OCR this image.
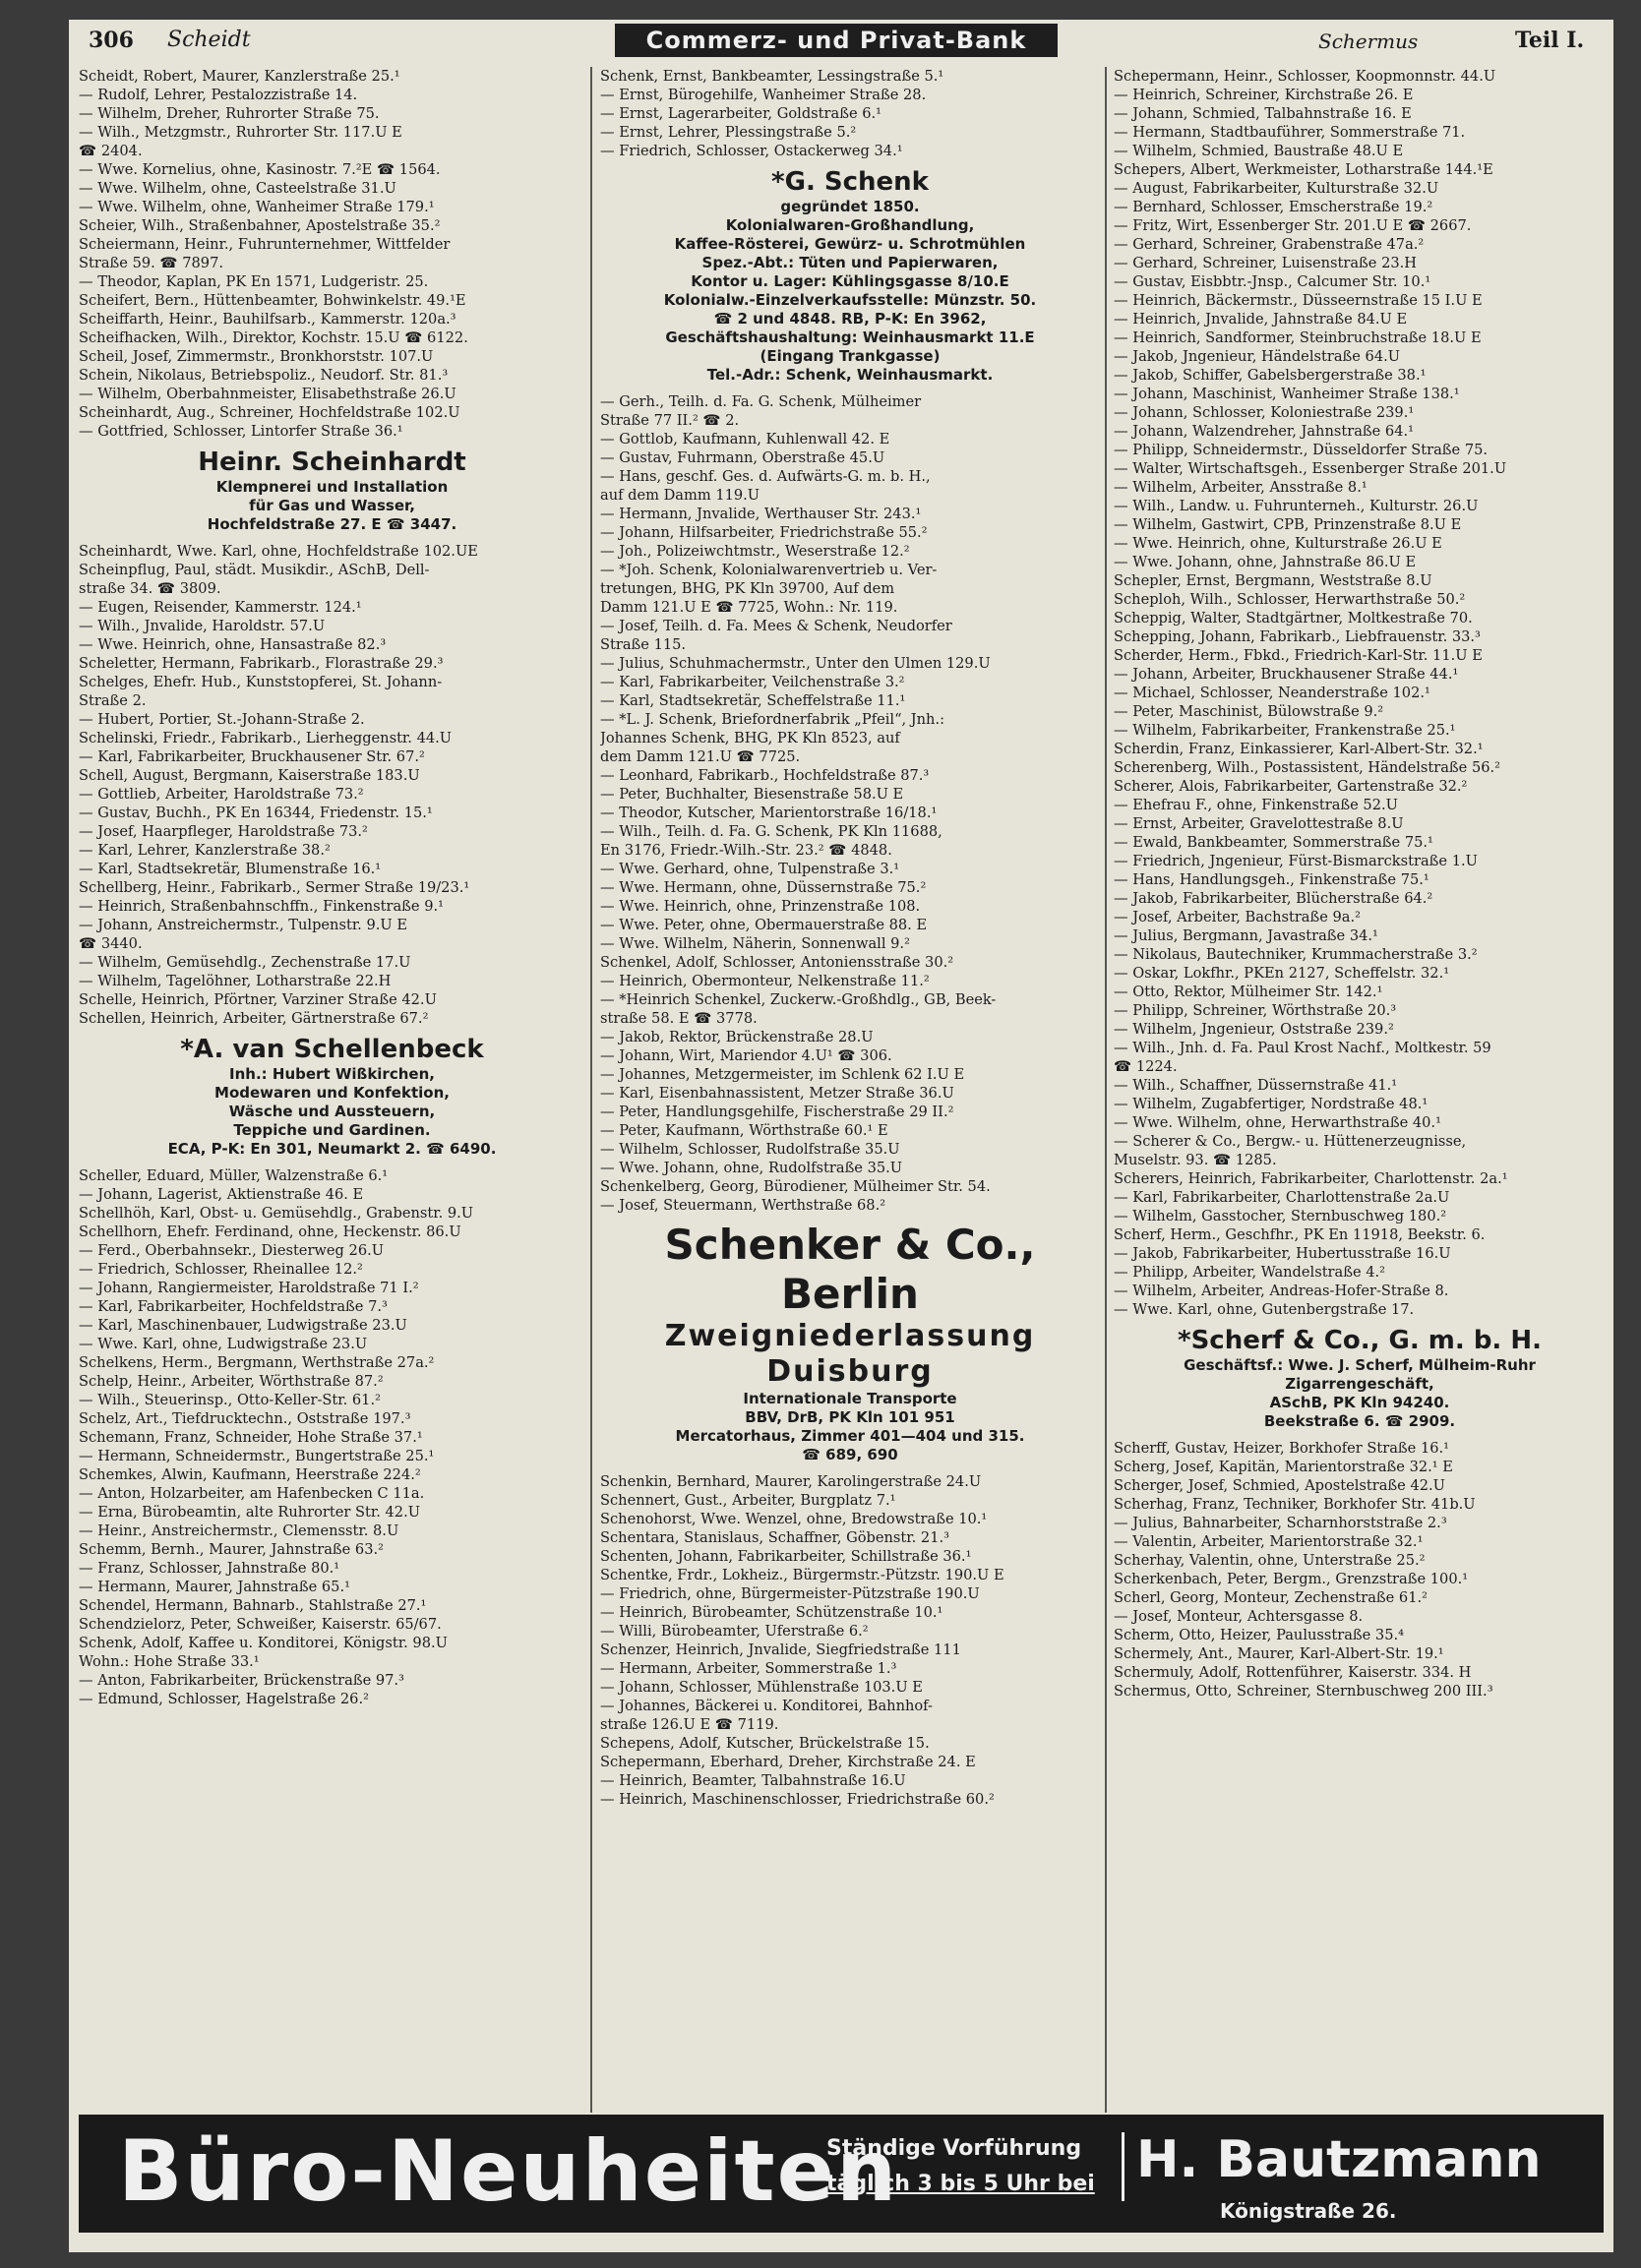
306 Scheidt	Commerz- und Privat-Bank	Schermus	Teil I.
Scheidt, Robert, Maurer, Kanzlerstraße 25.¹
— Rudolf, Lehrer, Pestalozzistraße 14.
— Wilhelm, Dreher, Ruhrorter Straße 75.
— Wilh., Metzgmstr., Ruhrorter Str. 117.U E
☎ 2404.
— Wwe. Kornelius, ohne, Kasinostr. 7.²E ☎ 1564.
— Wwe. Wilhelm, ohne, Casteelstraße 31.U
— Wwe. Wilhelm, ohne, Wanheimer Straße 179.¹
Scheier, Wilh., Straßenbahner, Apostelstraße 35.²
Scheiermann, Heinr., Fuhrunternehmer, Wittfelder
Straße 59. ☎ 7897.
— Theodor, Kaplan, PK En 1571, Ludgeristr. 25.
Scheifert, Bern., Hüttenbeamter, Bohwinkelstr. 49.¹E
Scheiffarth, Heinr., Bauhilfsarb., Kammerstr. 120a.³
Scheifhacken, Wilh., Direktor, Kochstr. 15.U ☎ 6122.
Scheil, Josef, Zimmermstr., Bronkhorststr. 107.U
Schein, Nikolaus, Betriebspoliz., Neudorf. Str. 81.³
— Wilhelm, Oberbahnmeister, Elisabethstraße 26.U
Scheinhardt, Aug., Schreiner, Hochfeldstraße 102.U
— Gottfried, Schlosser, Lintorfer Straße 36.¹
Heinr. Scheinhardt
Klempnerei und Installation
für Gas und Wasser,
Hochfeldstraße 27. E ☎ 3447.
Scheinhardt, Wwe. Karl, ohne, Hochfeldstraße 102.UE
Scheinpflug, Paul, städt. Musikdir., ASchB, Dell-
straße 34. ☎ 3809.
— Eugen, Reisender, Kammerstr. 124.¹
— Wilh., Jnvalide, Haroldstr. 57.U
— Wwe. Heinrich, ohne, Hansastraße 82.³
Scheletter, Hermann, Fabrikarb., Florastraße 29.³
Schelges, Ehefr. Hub., Kunststopferei, St. Johann-
Straße 2.
— Hubert, Portier, St.-Johann-Straße 2.
Schelinski, Friedr., Fabrikarb., Lierheggenstr. 44.U
— Karl, Fabrikarbeiter, Bruckhausener Str. 67.²
Schell, August, Bergmann, Kaiserstraße 183.U
— Gottlieb, Arbeiter, Haroldstraße 73.²
— Gustav, Buchh., PK En 16344, Friedenstr. 15.¹
— Josef, Haarpfleger, Haroldstraße 73.²
— Karl, Lehrer, Kanzlerstraße 38.²
— Karl, Stadtsekretär, Blumenstraße 16.¹
Schellberg, Heinr., Fabrikarb., Sermer Straße 19/23.¹
— Heinrich, Straßenbahnschffn., Finkenstraße 9.¹
— Johann, Anstreichermstr., Tulpenstr. 9.U E
☎ 3440.
— Wilhelm, Gemüsehdlg., Zechenstraße 17.U
— Wilhelm, Tagelöhner, Lotharstraße 22.H
Schelle, Heinrich, Pförtner, Varziner Straße 42.U
Schellen, Heinrich, Arbeiter, Gärtnerstraße 67.²
*A. van Schellenbeck
Inh.: Hubert Wißkirchen,
Modewaren und Konfektion,
Wäsche und Aussteuern,
Teppiche und Gardinen.
ECA, P-K: En 301, Neumarkt 2. ☎ 6490.
Scheller, Eduard, Müller, Walzenstraße 6.¹
— Johann, Lagerist, Aktienstraße 46. E
Schellhöh, Karl, Obst- u. Gemüsehdlg., Grabenstr. 9.U
Schellhorn, Ehefr. Ferdinand, ohne, Heckenstr. 86.U
— Ferd., Oberbahnsekr., Diesterweg 26.U
— Friedrich, Schlosser, Rheinallee 12.²
— Johann, Rangiermeister, Haroldstraße 71 I.²
— Karl, Fabrikarbeiter, Hochfeldstraße 7.³
— Karl, Maschinenbauer, Ludwigstraße 23.U
— Wwe. Karl, ohne, Ludwigstraße 23.U
Schelkens, Herm., Bergmann, Werthstraße 27a.²
Schelp, Heinr., Arbeiter, Wörthstraße 87.²
— Wilh., Steuerinsp., Otto-Keller-Str. 61.²
Schelz, Art., Tiefdrucktechn., Oststraße 197.³
Schemann, Franz, Schneider, Hohe Straße 37.¹
— Hermann, Schneidermstr., Bungertstraße 25.¹
Schemkes, Alwin, Kaufmann, Heerstraße 224.²
— Anton, Holzarbeiter, am Hafenbecken C 11a.
— Erna, Bürobeamtin, alte Ruhrorter Str. 42.U
— Heinr., Anstreichermstr., Clemensstr. 8.U
Schemm, Bernh., Maurer, Jahnstraße 63.²
— Franz, Schlosser, Jahnstraße 80.¹
— Hermann, Maurer, Jahnstraße 65.¹
Schendel, Hermann, Bahnarb., Stahlstraße 27.¹
Schendzielorz, Peter, Schweißer, Kaiserstr. 65/67.
Schenk, Adolf, Kaffee u. Konditorei, Königstr. 98.U
Wohn.: Hohe Straße 33.¹
— Anton, Fabrikarbeiter, Brückenstraße 97.³
— Edmund, Schlosser, Hagelstraße 26.²
Schenk, Ernst, Bankbeamter, Lessingstraße 5.¹
— Ernst, Bürogehilfe, Wanheimer Straße 28.
— Ernst, Lagerarbeiter, Goldstraße 6.¹
— Ernst, Lehrer, Plessingstraße 5.²
— Friedrich, Schlosser, Ostackerweg 34.¹
*G. Schenk
gegründet 1850.
Kolonialwaren-Großhandlung,
Kaffee-Rösterei, Gewürz- u. Schrotmühlen
Spez.-Abt.: Tüten und Papierwaren,
Kontor u. Lager: Kühlingsgasse 8/10.E
Kolonialw.-Einzelverkaufsstelle: Münzstr. 50.
☎ 2 und 4848. RB, P-K: En 3962,
Geschäftshaushaltung: Weinhausmarkt 11.E
(Eingang Trankgasse)
Tel.-Adr.: Schenk, Weinhausmarkt.
— Gerh., Teilh. d. Fa. G. Schenk, Mülheimer
Straße 77 II.² ☎ 2.
— Gottlob, Kaufmann, Kuhlenwall 42. E
— Gustav, Fuhrmann, Oberstraße 45.U
— Hans, geschf. Ges. d. Aufwärts-G. m. b. H.,
auf dem Damm 119.U
— Hermann, Jnvalide, Werthauser Str. 243.¹
— Johann, Hilfsarbeiter, Friedrichstraße 55.²
— Joh., Polizeiwchtmstr., Weserstraße 12.²
— *Joh. Schenk, Kolonialwarenvertrieb u. Ver-
tretungen, BHG, PK Kln 39700, Auf dem
Damm 121.U E ☎ 7725, Wohn.: Nr. 119.
— Josef, Teilh. d. Fa. Mees & Schenk, Neudorfer
Straße 115.
— Julius, Schuhmachermstr., Unter den Ulmen 129.U
— Karl, Fabrikarbeiter, Veilchenstraße 3.²
— Karl, Stadtsekretär, Scheffelstraße 11.¹
— *L. J. Schenk, Briefordnerfabrik „Pfeil“, Jnh.:
Johannes Schenk, BHG, PK Kln 8523, auf
dem Damm 121.U ☎ 7725.
— Leonhard, Fabrikarb., Hochfeldstraße 87.³
— Peter, Buchhalter, Biesenstraße 58.U E
— Theodor, Kutscher, Marientorstraße 16/18.¹
— Wilh., Teilh. d. Fa. G. Schenk, PK Kln 11688,
En 3176, Friedr.-Wilh.-Str. 23.² ☎ 4848.
— Wwe. Gerhard, ohne, Tulpenstraße 3.¹
— Wwe. Hermann, ohne, Düssernstraße 75.²
— Wwe. Heinrich, ohne, Prinzenstraße 108.
— Wwe. Peter, ohne, Obermauerstraße 88. E
— Wwe. Wilhelm, Näherin, Sonnenwall 9.²
Schenkel, Adolf, Schlosser, Antoniensstraße 30.²
— Heinrich, Obermonteur, Nelkenstraße 11.²
— *Heinrich Schenkel, Zuckerw.-Großhdlg., GB, Beek-
straße 58. E ☎ 3778.
— Jakob, Rektor, Brückenstraße 28.U
— Johann, Wirt, Mariendor 4.U¹ ☎ 306.
— Johannes, Metzgermeister, im Schlenk 62 I.U E
— Karl, Eisenbahnassistent, Metzer Straße 36.U
— Peter, Handlungsgehilfe, Fischerstraße 29 II.²
— Peter, Kaufmann, Wörthstraße 60.¹ E
— Wilhelm, Schlosser, Rudolfstraße 35.U
— Wwe. Johann, ohne, Rudolfstraße 35.U
Schenkelberg, Georg, Bürodiener, Mülheimer Str. 54.
— Josef, Steuermann, Werthstraße 68.²
Schenker & Co., Berlin
Zweigniederlassung Duisburg
Internationale Transporte
BBV, DrB, PK Kln 101 951
Mercatorhaus, Zimmer 401—404 und 315.
☎ 689, 690
Schenkin, Bernhard, Maurer, Karolingerstraße 24.U
Schennert, Gust., Arbeiter, Burgplatz 7.¹
Schenohorst, Wwe. Wenzel, ohne, Bredowstraße 10.¹
Schentara, Stanislaus, Schaffner, Göbenstr. 21.³
Schenten, Johann, Fabrikarbeiter, Schillstraße 36.¹
Schentke, Frdr., Lokheiz., Bürgermstr.-Pützstr. 190.U E
— Friedrich, ohne, Bürgermeister-Pützstraße 190.U
— Heinrich, Bürobeamter, Schützenstraße 10.¹
— Willi, Bürobeamter, Uferstraße 6.²
Schenzer, Heinrich, Jnvalide, Siegfriedstraße 111
— Hermann, Arbeiter, Sommerstraße 1.³
— Johann, Schlosser, Mühlenstraße 103.U E
— Johannes, Bäckerei u. Konditorei, Bahnhof-
straße 126.U E ☎ 7119.
Schepens, Adolf, Kutscher, Brückelstraße 15.
Schepermann, Eberhard, Dreher, Kirchstraße 24. E
— Heinrich, Beamter, Talbahnstraße 16.U
— Heinrich, Maschinenschlosser, Friedrichstraße 60.²
Schepermann, Heinr., Schlosser, Koopmonnstr. 44.U
— Heinrich, Schreiner, Kirchstraße 26. E
— Johann, Schmied, Talbahnstraße 16. E
— Hermann, Stadtbauführer, Sommerstraße 71.
— Wilhelm, Schmied, Baustraße 48.U E
Schepers, Albert, Werkmeister, Lotharstraße 144.¹E
— August, Fabrikarbeiter, Kulturstraße 32.U
— Bernhard, Schlosser, Emscherstraße 19.²
— Fritz, Wirt, Essenberger Str. 201.U E ☎ 2667.
— Gerhard, Schreiner, Grabenstraße 47a.²
— Gerhard, Schreiner, Luisenstraße 23.H
— Gustav, Eisbbtr.-Jnsp., Calcumer Str. 10.¹
— Heinrich, Bäckermstr., Düsseernstraße 15 I.U E
— Heinrich, Jnvalide, Jahnstraße 84.U E
— Heinrich, Sandformer, Steinbruchstraße 18.U E
— Jakob, Jngenieur, Händelstraße 64.U
— Jakob, Schiffer, Gabelsbergerstraße 38.¹
— Johann, Maschinist, Wanheimer Straße 138.¹
— Johann, Schlosser, Koloniestraße 239.¹
— Johann, Walzendreher, Jahnstraße 64.¹
— Philipp, Schneidermstr., Düsseldorfer Straße 75.
— Walter, Wirtschaftsgeh., Essenberger Straße 201.U
— Wilhelm, Arbeiter, Ansstraße 8.¹
— Wilh., Landw. u. Fuhrunterneh., Kulturstr. 26.U
— Wilhelm, Gastwirt, CPB, Prinzenstraße 8.U E
— Wwe. Heinrich, ohne, Kulturstraße 26.U E
— Wwe. Johann, ohne, Jahnstraße 86.U E
Schepler, Ernst, Bergmann, Weststraße 8.U
Scheploh, Wilh., Schlosser, Herwarthstraße 50.²
Scheppig, Walter, Stadtgärtner, Moltkestraße 70.
Schepping, Johann, Fabrikarb., Liebfrauenstr. 33.³
Scherder, Herm., Fbkd., Friedrich-Karl-Str. 11.U E
— Johann, Arbeiter, Bruckhausener Straße 44.¹
— Michael, Schlosser, Neanderstraße 102.¹
— Peter, Maschinist, Bülowstraße 9.²
— Wilhelm, Fabrikarbeiter, Frankenstraße 25.¹
Scherdin, Franz, Einkassierer, Karl-Albert-Str. 32.¹
Scherenberg, Wilh., Postassistent, Händelstraße 56.²
Scherer, Alois, Fabrikarbeiter, Gartenstraße 32.²
— Ehefrau F., ohne, Finkenstraße 52.U
— Ernst, Arbeiter, Gravelottestraße 8.U
— Ewald, Bankbeamter, Sommerstraße 75.¹
— Friedrich, Jngenieur, Fürst-Bismarckstraße 1.U
— Hans, Handlungsgeh., Finkenstraße 75.¹
— Jakob, Fabrikarbeiter, Blücherstraße 64.²
— Josef, Arbeiter, Bachstraße 9a.²
— Julius, Bergmann, Javastraße 34.¹
— Nikolaus, Bautechniker, Krummacherstraße 3.²
— Oskar, Lokfhr., PKEn 2127, Scheffelstr. 32.¹
— Otto, Rektor, Mülheimer Str. 142.¹
— Philipp, Schreiner, Wörthstraße 20.³
— Wilhelm, Jngenieur, Oststraße 239.²
— Wilh., Jnh. d. Fa. Paul Krost Nachf., Moltkestr. 59
☎ 1224.
— Wilh., Schaffner, Düssernstraße 41.¹
— Wilhelm, Zugabfertiger, Nordstraße 48.¹
— Wwe. Wilhelm, ohne, Herwarthstraße 40.¹
— Scherer & Co., Bergw.- u. Hüttenerzeugnisse,
Muselstr. 93. ☎ 1285.
Scherers, Heinrich, Fabrikarbeiter, Charlottenstr. 2a.¹
— Karl, Fabrikarbeiter, Charlottenstraße 2a.U
— Wilhelm, Gasstocher, Sternbuschweg 180.²
Scherf, Herm., Geschfhr., PK En 11918, Beekstr. 6.
— Jakob, Fabrikarbeiter, Hubertusstraße 16.U
— Philipp, Arbeiter, Wandelstraße 4.²
— Wilhelm, Arbeiter, Andreas-Hofer-Straße 8.
— Wwe. Karl, ohne, Gutenbergstraße 17.
*Scherf & Co., G. m. b. H.
Geschäftsf.: Wwe. J. Scherf, Mülheim-Ruhr
Zigarrengeschäft,
ASchB, PK Kln 94240.
Beekstraße 6. ☎ 2909.
Scherff, Gustav, Heizer, Borkhofer Straße 16.¹
Scherg, Josef, Kapitän, Marientorstraße 32.¹ E
Scherger, Josef, Schmied, Apostelstraße 42.U
Scherhag, Franz, Techniker, Borkhofer Str. 41b.U
— Julius, Bahnarbeiter, Scharnhorststraße 2.³
— Valentin, Arbeiter, Marientorstraße 32.¹
Scherhay, Valentin, ohne, Unterstraße 25.²
Scherkenbach, Peter, Bergm., Grenzstraße 100.¹
Scherl, Georg, Monteur, Zechenstraße 61.²
— Josef, Monteur, Achtersgasse 8.
Scherm, Otto, Heizer, Paulusstraße 35.⁴
Schermely, Ant., Maurer, Karl-Albert-Str. 19.¹
Schermuly, Adolf, Rottenführer, Kaiserstr. 334. H
Schermus, Otto, Schreiner, Sternbuschweg 200 III.³
Büro-Neuheiten
Ständige Vorführung
täglich 3 bis 5 Uhr bei H. Bautzmann
Königstraße 26.
